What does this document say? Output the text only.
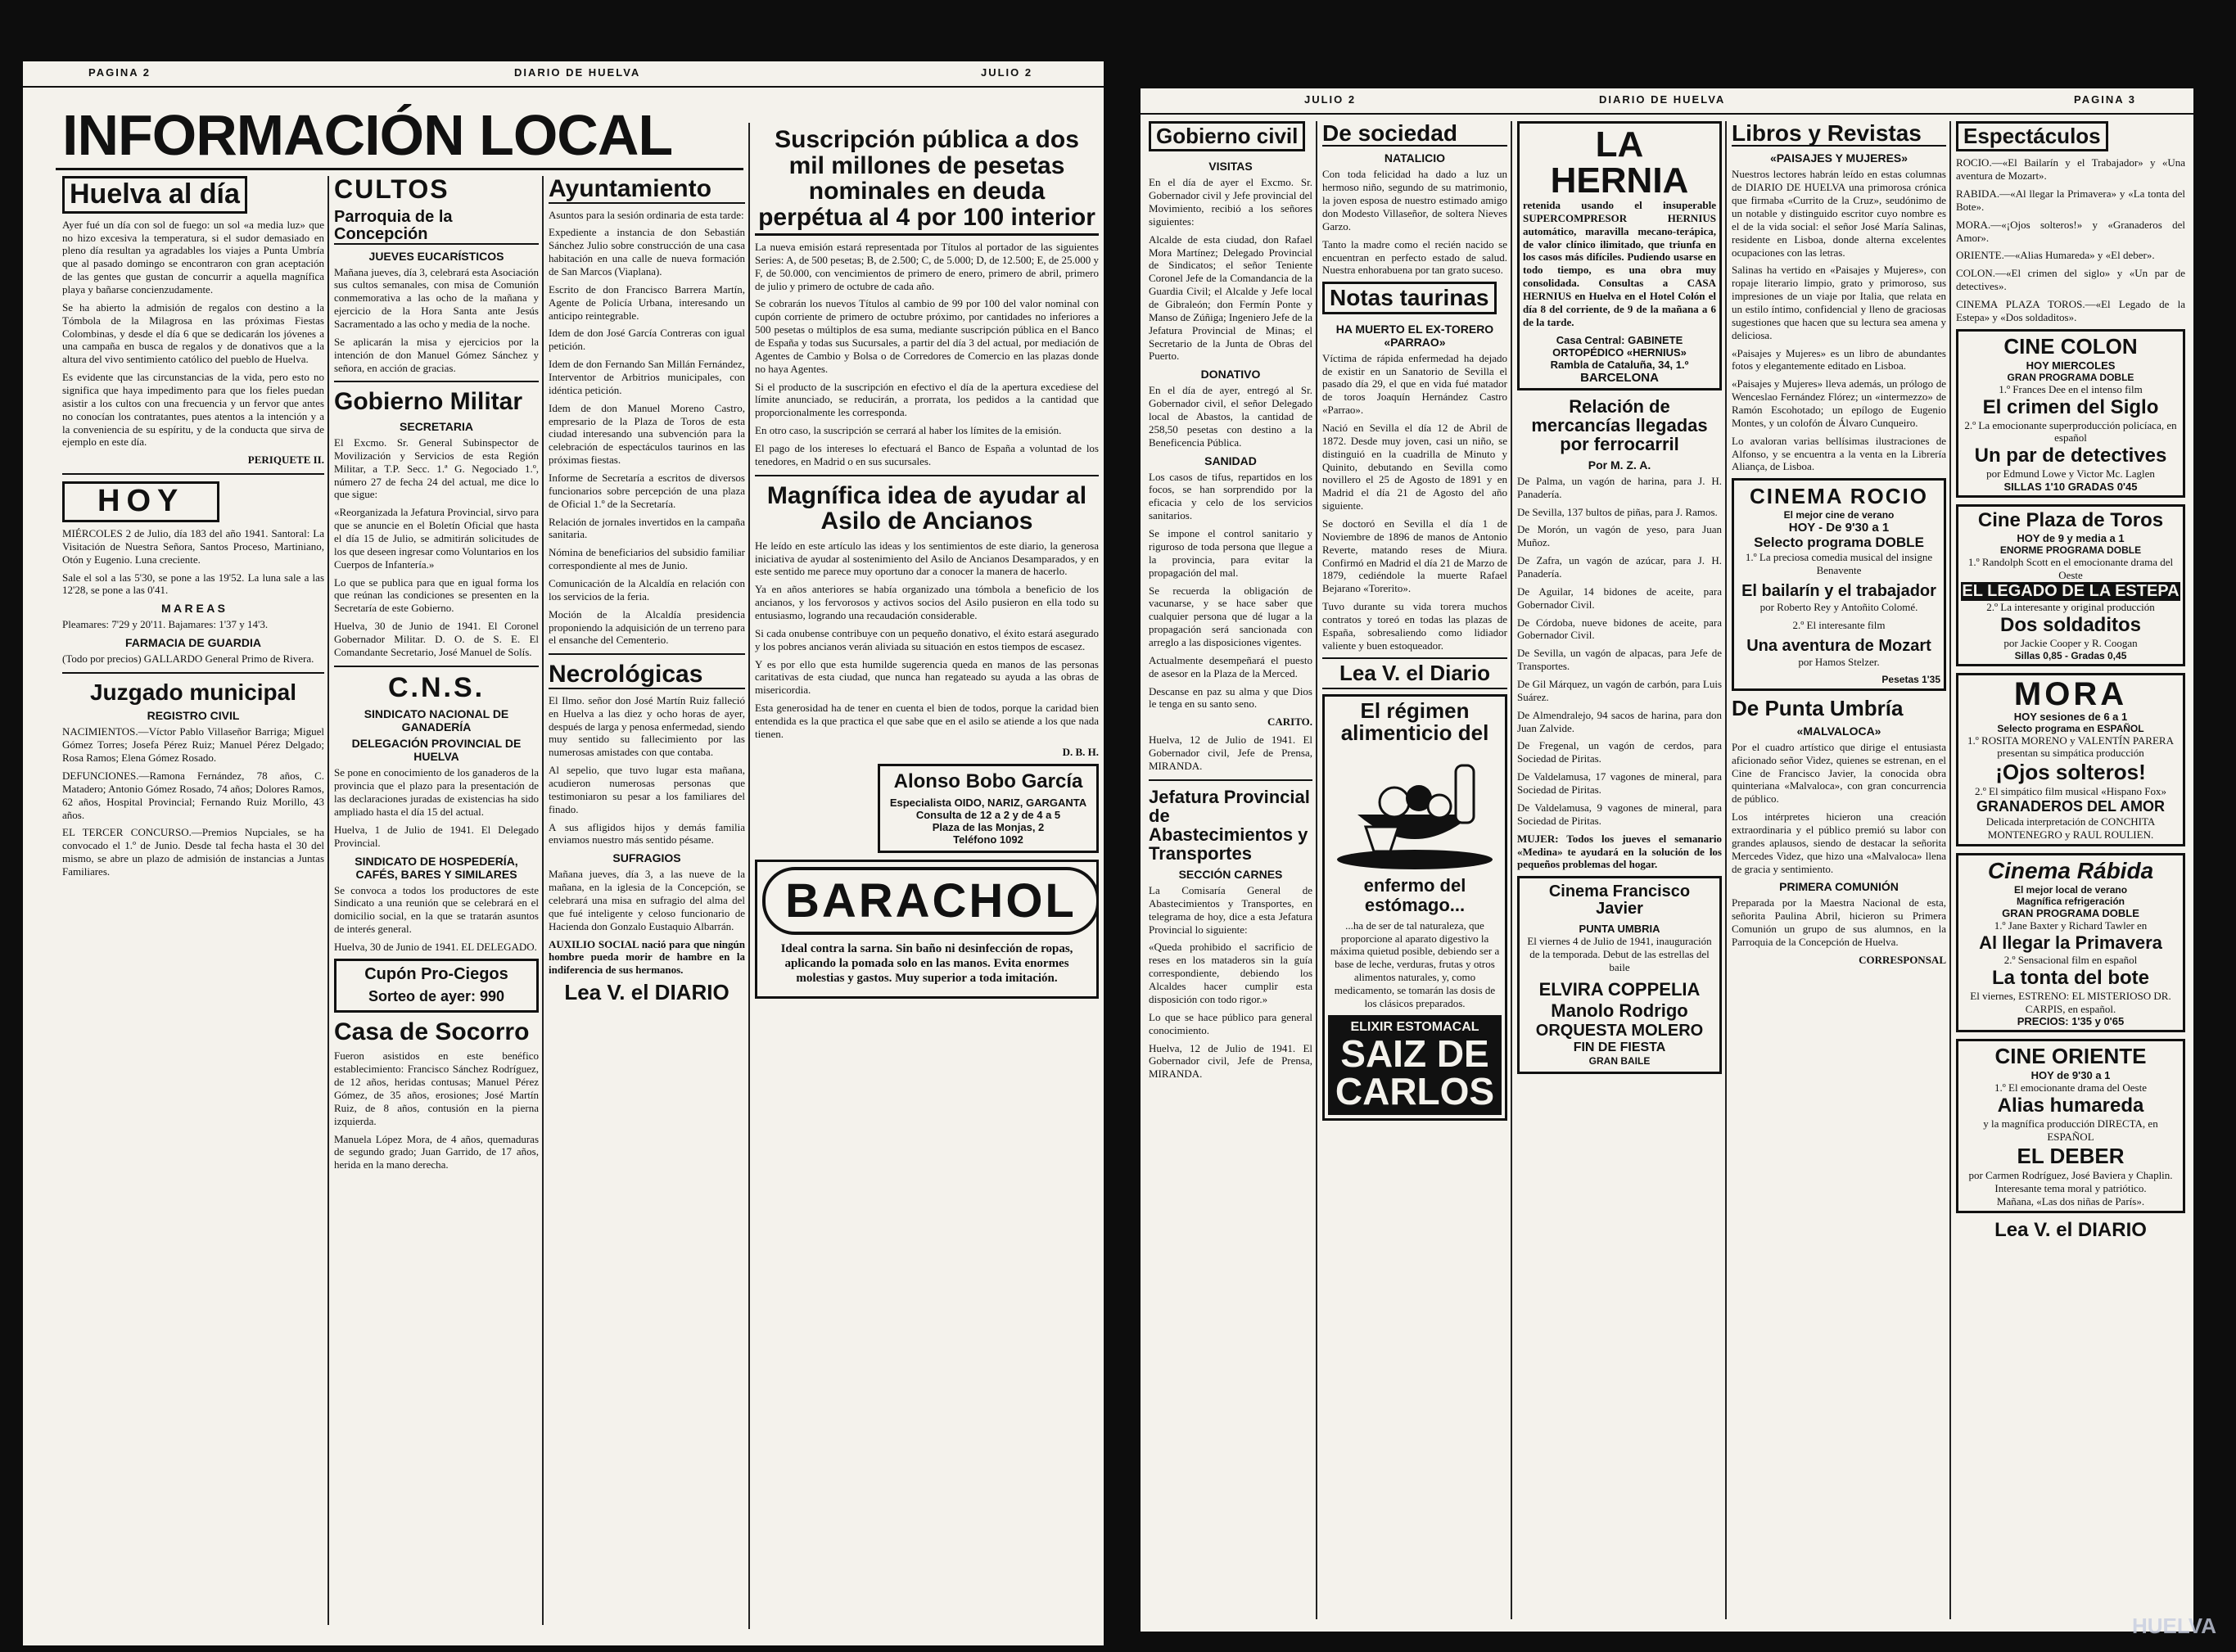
PAGINA 2	DIARIO DE HUELVA	JULIO 2
INFORMACIÓN LOCAL
Huelva al día

Ayer fué un día con sol de fuego: un sol «a media luz» que no hizo excesiva la temperatura, si el sudor demasiado en pleno día resultan ya agradables los viajes a Punta Umbría que al pasado domingo se encontraron con gran aceptación de las gentes que gustan de concurrir a aquella magnífica playa y bañarse concienzudamente.

Se ha abierto la admisión de regalos con destino a la Tómbola de la Milagrosa en las próximas Fiestas Colombinas, y desde el día 6 que se dedicarán los jóvenes a una campaña en busca de regalos y de donativos que a la altura del vivo sentimiento católico del pueblo de Huelva.

Es evidente que las circunstancias de la vida, pero esto no significa que haya impedimento para que los fieles puedan asistir a los cultos con una frecuencia y un fervor que antes no conocían los contratantes, pues atentos a la intención y a la conveniencia de su espíritu, y de la conducta que sirva de ejemplo en este día.

PERIQUETE II.

HOY

MIÉRCOLES 2 de Julio, día 183 del año 1941. Santoral: La Visitación de Nuestra Señora, Santos Proceso, Martiniano, Otón y Eugenio. Luna creciente.

Sale el sol a las 5'30, se pone a las 19'52. La luna sale a las 12'28, se pone a las 0'41.

M A R E A S

Pleamares: 7'29 y 20'11. Bajamares: 1'37 y 14'3.

FARMACIA DE GUARDIA

(Todo por precios) GALLARDO General Primo de Rivera.

Juzgado municipal

REGISTRO CIVIL

NACIMIENTOS.—Víctor Pablo Villaseñor Barriga; Miguel Gómez Torres; Josefa Pérez Ruiz; Manuel Pérez Delgado; Rosa Ramos; Elena Gómez Rosado.

DEFUNCIONES.—Ramona Fernández, 78 años, C. Matadero; Antonio Gómez Rosado, 74 años; Dolores Ramos, 62 años, Hospital Provincial; Fernando Ruiz Morillo, 43 años.

EL TERCER CONCURSO.—Premios Nupciales, se ha convocado el 1.º de Junio. Desde tal fecha hasta el 30 del mismo, se abre un plazo de admisión de instancias a Juntas Familiares.

CULTOS
Parroquia de la Concepción

JUEVES EUCARÍSTICOS

Mañana jueves, día 3, celebrará esta Asociación sus cultos semanales, con misa de Comunión conmemorativa a las ocho de la mañana y ejercicio de la Hora Santa ante Jesús Sacramentado a las ocho y media de la noche.

Se aplicarán la misa y ejercicios por la intención de don Manuel Gómez Sánchez y señora, en acción de gracias.

Gobierno Militar

SECRETARIA

El Excmo. Sr. General Subinspector de Movilización y Servicios de esta Región Militar, a T.P. Secc. 1.ª G. Negociado 1.º, número 27 de fecha 24 del actual, me dice lo que sigue:

«Reorganizada la Jefatura Provincial, sirvo para que se anuncie en el Boletín Oficial que hasta el día 15 de Julio, se admitirán solicitudes de los que deseen ingresar como Voluntarios en los Cuerpos de Infantería.»

Lo que se publica para que en igual forma los que reúnan las condiciones se presenten en la Secretaría de este Gobierno.

Huelva, 30 de Junio de 1941. El Coronel Gobernador Militar. D. O. de S. E. El Comandante Secretario, José Manuel de Solís.

C.N.S.

SINDICATO NACIONAL DE GANADERÍA

DELEGACIÓN PROVINCIAL DE HUELVA

Se pone en conocimiento de los ganaderos de la provincia que el plazo para la presentación de las declaraciones juradas de existencias ha sido ampliado hasta el día 15 del actual.

Huelva, 1 de Julio de 1941. El Delegado Provincial.

SINDICATO DE HOSPEDERÍA, CAFÉS, BARES Y SIMILARES

Se convoca a todos los productores de este Sindicato a una reunión que se celebrará en el domicilio social, en la que se tratarán asuntos de interés general.

Huelva, 30 de Junio de 1941. EL DELEGADO.

Cupón Pro-Ciegos
Sorteo de ayer: 990
Casa de Socorro

Fueron asistidos en este benéfico establecimiento: Francisco Sánchez Rodríguez, de 12 años, heridas contusas; Manuel Pérez Gómez, de 35 años, erosiones; José Martín Ruiz, de 8 años, contusión en la pierna izquierda.

Manuela López Mora, de 4 años, quemaduras de segundo grado; Juan Garrido, de 17 años, herida en la mano derecha.

Ayuntamiento

Asuntos para la sesión ordinaria de esta tarde:

Expediente a instancia de don Sebastián Sánchez Julio sobre construcción de una casa habitación en una calle de nueva formación de San Marcos (Viaplana).

Escrito de don Francisco Barrera Martín, Agente de Policía Urbana, interesando un anticipo reintegrable.

Idem de don José García Contreras con igual petición.

Idem de don Fernando San Millán Fernández, Interventor de Arbitrios municipales, con idéntica petición.

Idem de don Manuel Moreno Castro, empresario de la Plaza de Toros de esta ciudad interesando una subvención para la celebración de espectáculos taurinos en las próximas fiestas.

Informe de Secretaría a escritos de diversos funcionarios sobre percepción de una plaza de Oficial 1.º de la Secretaría.

Relación de jornales invertidos en la campaña sanitaria.

Nómina de beneficiarios del subsidio familiar correspondiente al mes de Junio.

Comunicación de la Alcaldía en relación con los servicios de la feria.

Moción de la Alcaldía presidencia proponiendo la adquisición de un terreno para el ensanche del Cementerio.

Necrológicas

El Ilmo. señor don José Martín Ruiz falleció en Huelva a las diez y ocho horas de ayer, después de larga y penosa enfermedad, siendo muy sentido su fallecimiento por las numerosas amistades con que contaba.

Al sepelio, que tuvo lugar esta mañana, acudieron numerosas personas que testimoniaron su pesar a los familiares del finado.

A sus afligidos hijos y demás familia enviamos nuestro más sentido pésame.

SUFRAGIOS

Mañana jueves, día 3, a las nueve de la mañana, en la iglesia de la Concepción, se celebrará una misa en sufragio del alma del que fué inteligente y celoso funcionario de Hacienda don Gonzalo Eustaquio Albarrán.

AUXILIO SOCIAL nació para que ningún hombre pueda morir de hambre en la indiferencia de sus hermanos.

Lea V. el DIARIO
Suscripción pública a dos mil millones de pesetas nominales en deuda perpétua al 4 por 100 interior

La nueva emisión estará representada por Títulos al portador de las siguientes Series: A, de 500 pesetas; B, de 2.500; C, de 5.000; D, de 12.500; E, de 25.000 y F, de 50.000, con vencimientos de primero de enero, primero de abril, primero de julio y primero de octubre de cada año.

Se cobrarán los nuevos Títulos al cambio de 99 por 100 del valor nominal con cupón corriente de primero de octubre próximo, por cantidades no inferiores a 500 pesetas o múltiplos de esa suma, mediante suscripción pública en el Banco de España y todas sus Sucursales, a partir del día 3 del actual, por mediación de Agentes de Cambio y Bolsa o de Corredores de Comercio en las plazas donde no haya Agentes.

Si el producto de la suscripción en efectivo el día de la apertura excediese del límite anunciado, se reducirán, a prorrata, los pedidos a la cantidad que proporcionalmente les corresponda.

En otro caso, la suscripción se cerrará al haber los límites de la emisión.

El pago de los intereses lo efectuará el Banco de España a voluntad de los tenedores, en Madrid o en sus sucursales.

Magnífica idea de ayudar al Asilo de Ancianos

He leído en este artículo las ideas y los sentimientos de este diario, la generosa iniciativa de ayudar al sostenimiento del Asilo de Ancianos Desamparados, y en este sentido me parece muy oportuno dar a conocer la manera de hacerlo.

Ya en años anteriores se había organizado una tómbola a beneficio de los ancianos, y los fervorosos y activos socios del Asilo pusieron en ella todo su entusiasmo, logrando una recaudación considerable.

Si cada onubense contribuye con un pequeño donativo, el éxito estará asegurado y los pobres ancianos verán aliviada su situación en estos tiempos de escasez.

Y es por ello que esta humilde sugerencia queda en manos de las personas caritativas de esta ciudad, que nunca han regateado su ayuda a las obras de misericordia.

Esta generosidad ha de tener en cuenta el bien de todos, porque la caridad bien entendida es la que practica el que sabe que en el asilo se atiende a los que nada tienen.

D. B. H.

Alonso Bobo García
Especialista OIDO, NARIZ, GARGANTA
Consulta de 12 a 2 y de 4 a 5
Plaza de las Monjas, 2
Teléfono 1092
BARACHOL

Ideal contra la sarna. Sin baño ni desinfección de ropas, aplicando la pomada solo en las manos. Evita enormes molestias y gastos. Muy superior a toda imitación.

JULIO 2	DIARIO DE HUELVA	PAGINA 3
Gobierno civil

VISITAS

En el día de ayer el Excmo. Sr. Gobernador civil y Jefe provincial del Movimiento, recibió a los señores siguientes:

Alcalde de esta ciudad, don Rafael Mora Martínez; Delegado Provincial de Sindicatos; el señor Teniente Coronel Jefe de la Comandancia de la Guardia Civil; el Alcalde y Jefe local de Gibraleón; don Fermín Ponte y Manso de Zúñiga; Ingeniero Jefe de la Jefatura Provincial de Minas; el Secretario de la Junta de Obras del Puerto.

DONATIVO

En el día de ayer, entregó al Sr. Gobernador civil, el señor Delegado local de Abastos, la cantidad de 258,50 pesetas con destino a la Beneficencia Pública.

SANIDAD

Los casos de tifus, repartidos en los focos, se han sorprendido por la eficacia y celo de los servicios sanitarios.

Se impone el control sanitario y riguroso de toda persona que llegue a la provincia, para evitar la propagación del mal.

Se recuerda la obligación de vacunarse, y se hace saber que cualquier persona que dé lugar a la propagación será sancionada con arreglo a las disposiciones vigentes.

Actualmente desempeñará el puesto de asesor en la Plaza de la Merced.

Descanse en paz su alma y que Dios le tenga en su santo seno.

CARITO.

Huelva, 12 de Julio de 1941. El Gobernador civil, Jefe de Prensa, MIRANDA.

Jefatura Provincial de Abastecimientos y Transportes

SECCIÓN CARNES

La Comisaría General de Abastecimientos y Transportes, en telegrama de hoy, dice a esta Jefatura Provincial lo siguiente:

«Queda prohibido el sacrificio de reses en los mataderos sin la guía correspondiente, debiendo los Alcaldes hacer cumplir esta disposición con todo rigor.»

Lo que se hace público para general conocimiento.

Huelva, 12 de Julio de 1941. El Gobernador civil, Jefe de Prensa, MIRANDA.

De sociedad

NATALICIO

Con toda felicidad ha dado a luz un hermoso niño, segundo de su matrimonio, la joven esposa de nuestro estimado amigo don Modesto Villaseñor, de soltera Nieves Garzo.

Tanto la madre como el recién nacido se encuentran en perfecto estado de salud. Nuestra enhorabuena por tan grato suceso.

Notas taurinas

HA MUERTO EL EX-TORERO «PARRAO»

Víctima de rápida enfermedad ha dejado de existir en un Sanatorio de Sevilla el pasado día 29, el que en vida fué matador de toros Joaquín Hernández Castro «Parrao».

Nació en Sevilla el día 12 de Abril de 1872. Desde muy joven, casi un niño, se distinguió en la cuadrilla de Minuto y Quinito, debutando en Sevilla como novillero el 25 de Agosto de 1891 y en Madrid el día 21 de Agosto del año siguiente.

Se doctoró en Sevilla el día 1 de Noviembre de 1896 de manos de Antonio Reverte, matando reses de Miura. Confirmó en Madrid el día 21 de Marzo de 1879, cediéndole la muerte Rafael Bejarano «Torerito».

Tuvo durante su vida torera muchos contratos y toreó en todas las plazas de España, sobresaliendo como lidiador valiente y buen estoqueador.

Lea V. el Diario
El régimen alimenticio del
enfermo del estómago...

...ha de ser de tal naturaleza, que proporcione al aparato digestivo la máxima quietud posible, debiendo ser a base de leche, verduras, frutas y otros alimentos naturales, y, como medicamento, se tomarán las dosis de los clásicos preparados.

ELIXIR ESTOMACAL
SAIZ DE
CARLOS
LA HERNIA

retenida usando el insuperable SUPERCOMPRESOR HERNIUS automático, maravilla mecano-terápica, de valor clínico ilimitado, que triunfa en los casos más difíciles. Pudiendo usarse en todo tiempo, es una obra muy consolidada. Consultas a CASA HERNIUS en Huelva en el Hotel Colón el día 8 del corriente, de 9 de la mañana a 6 de la tarde.

Casa Central: GABINETE ORTOPÉDICO «HERNIUS»
Rambla de Cataluña, 34, 1.º
BARCELONA
Relación de mercancías llegadas por ferrocarril

Por M. Z. A.

De Palma, un vagón de harina, para J. H. Panadería.

De Sevilla, 137 bultos de piñas, para J. Ramos.

De Morón, un vagón de yeso, para Juan Muñoz.

De Zafra, un vagón de azúcar, para J. H. Panadería.

De Aguilar, 14 bidones de aceite, para Gobernador Civil.

De Córdoba, nueve bidones de aceite, para Gobernador Civil.

De Sevilla, un vagón de alpacas, para Jefe de Transportes.

De Gil Márquez, un vagón de carbón, para Luis Suárez.

De Almendralejo, 94 sacos de harina, para don Juan Zalvide.

De Fregenal, un vagón de cerdos, para Sociedad de Piritas.

De Valdelamusa, 17 vagones de mineral, para Sociedad de Piritas.

De Valdelamusa, 9 vagones de mineral, para Sociedad de Piritas.

MUJER: Todos los jueves el semanario «Medina» te ayudará en la solución de los pequeños problemas del hogar.

Cinema Francisco Javier
PUNTA UMBRIA

El viernes 4 de Julio de 1941, inauguración de la temporada. Debut de las estrellas del baile

ELVIRA COPPELIA
Manolo Rodrigo
ORQUESTA MOLERO
FIN DE FIESTA
GRAN BAILE
Libros y Revistas

«PAISAJES Y MUJERES»

Nuestros lectores habrán leído en estas columnas de DIARIO DE HUELVA una primorosa crónica que firmaba «Currito de la Cruz», seudónimo de un notable y distinguido escritor cuyo nombre es el de la vida social: el señor José María Salinas, residente en Lisboa, donde alterna excelentes ocupaciones con las letras.

Salinas ha vertido en «Paisajes y Mujeres», con ropaje literario limpio, grato y primoroso, sus impresiones de un viaje por Italia, que relata en un estilo íntimo, confidencial y lleno de graciosas sugestiones que hacen que su lectura sea amena y deliciosa.

«Paisajes y Mujeres» es un libro de abundantes fotos y elegantemente editado en Lisboa.

«Paisajes y Mujeres» lleva además, un prólogo de Wenceslao Fernández Flórez; un «intermezzo» de Ramón Escohotado; un epílogo de Eugenio Montes, y un colofón de Álvaro Cunqueiro.

Lo avaloran varias bellísimas ilustraciones de Alfonso, y se encuentra a la venta en la Librería Aliança, de Lisboa.

CINEMA ROCIO
El mejor cine de verano
HOY - De 9'30 a 1
Selecto programa DOBLE
1.º La preciosa comedia musical del insigne Benavente
El bailarín y el trabajador
por Roberto Rey y Antoñito Colomé.
2.º El interesante film
Una aventura de Mozart
por Hamos Stelzer.
Pesetas 1'35
De Punta Umbría

«MALVALOCA»

Por el cuadro artístico que dirige el entusiasta aficionado señor Videz, quienes se estrenan, en el Cine de Francisco Javier, la conocida obra quinteriana «Malvaloca», con gran concurrencia de público.

Los intérpretes hicieron una creación extraordinaria y el público premió su labor con grandes aplausos, siendo de destacar la señorita Mercedes Videz, que hizo una «Malvaloca» llena de gracia y sentimiento.

PRIMERA COMUNIÓN

Preparada por la Maestra Nacional de esta, señorita Paulina Abril, hicieron su Primera Comunión un grupo de sus alumnos, en la Parroquia de la Concepción de Huelva.

CORRESPONSAL

Espectáculos

ROCIO.—«El Bailarín y el Trabajador» y «Una aventura de Mozart».

RABIDA.—«Al llegar la Primavera» y «La tonta del Bote».

MORA.—«¡Ojos solteros!» y «Granaderos del Amor».

ORIENTE.—«Alias Humareda» y «El deber».

COLON.—«El crimen del siglo» y «Un par de detectives».

CINEMA PLAZA TOROS.—«El Legado de la Estepa» y «Dos soldaditos».

CINE COLON
HOY MIERCOLES
GRAN PROGRAMA DOBLE
1.º Frances Dee en el intenso film
El crimen del Siglo
2.º La emocionante superproducción policíaca, en español
Un par de detectives
por Edmund Lowe y Victor Mc. Laglen
SILLAS 1'10 GRADAS 0'45
Cine Plaza de Toros
HOY de 9 y media a 1
ENORME PROGRAMA DOBLE
1.º Randolph Scott en el emocionante drama del Oeste
EL LEGADO DE LA ESTEPA
2.º La interesante y original producción
Dos soldaditos
por Jackie Cooper y R. Coogan
Sillas 0,85 - Gradas 0,45
MORA
HOY sesiones de 6 a 1
Selecto programa en ESPAÑOL
1.º ROSITA MORENO y VALENTÍN PARERA presentan su simpática producción
¡Ojos solteros!
2.º El simpático film musical «Hispano Fox»
GRANADEROS DEL AMOR
Delicada interpretación de CONCHITA MONTENEGRO y RAUL ROULIEN.
Cinema Rábida
El mejor local de verano
Magnífica refrigeración
GRAN PROGRAMA DOBLE
1.º Jane Baxter y Richard Tawler en
Al llegar la Primavera
2.º Sensacional film en español
La tonta del bote
El viernes, ESTRENO: EL MISTERIOSO DR. CARPIS, en español.
PRECIOS: 1'35 y 0'65
CINE ORIENTE
HOY de 9'30 a 1
1.º El emocionante drama del Oeste
Alias humareda
y la magnífica producción DIRECTA, en ESPAÑOL
EL DEBER
por Carmen Rodríguez, José Baviera y Chaplin. Interesante tema moral y patriótico.
Mañana, «Las dos niñas de París».
Lea V. el DIARIO
HUELVA
